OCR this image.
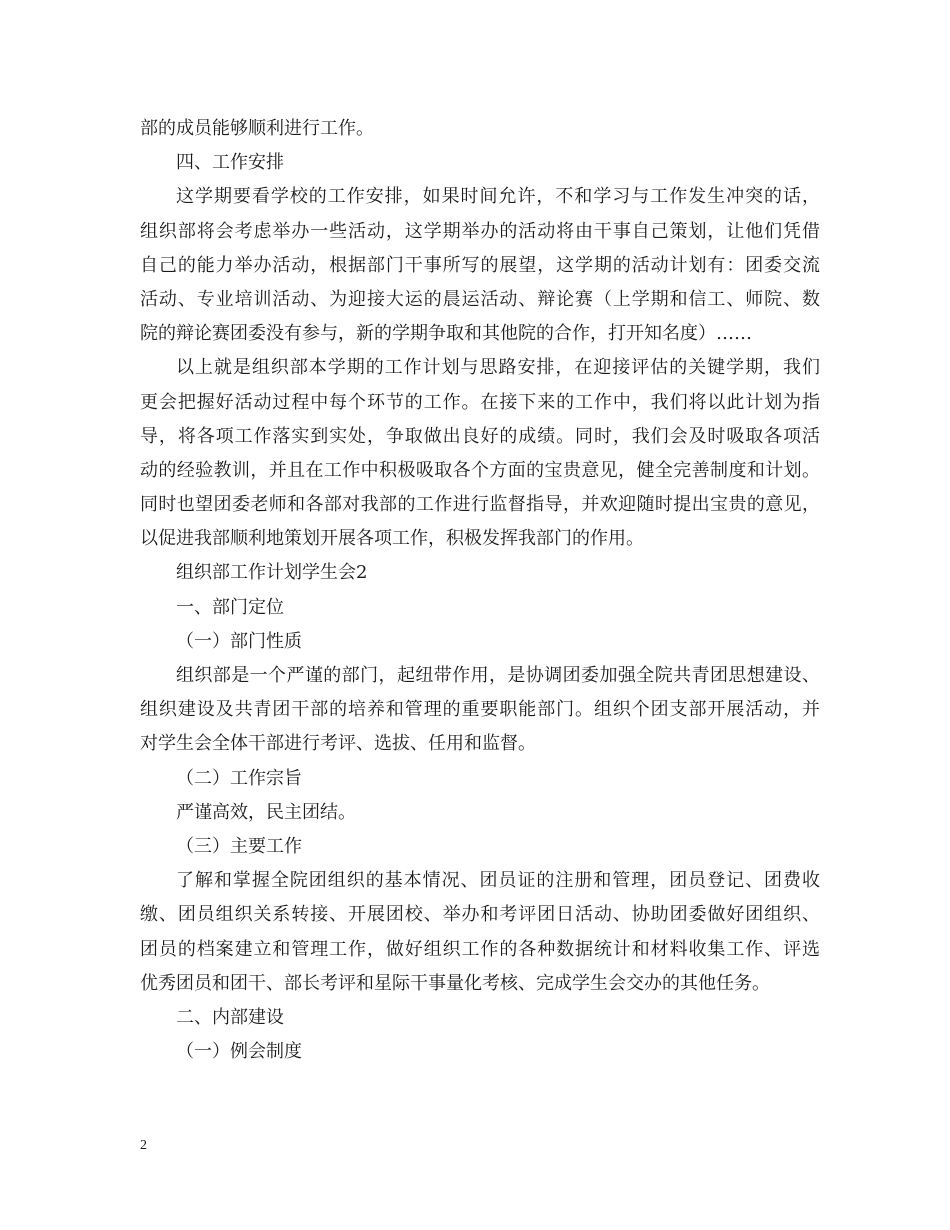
部的成员能够顺利进行工作。
四、工作安排
这学期要看学校的工作安排，如果时间允许，不和学习与工作发生冲突的话，
组织部将会考虑举办一些活动，这学期举办的活动将由干事自己策划，让他们凭借
自己的能力举办活动，根据部门干事所写的展望，这学期的活动计划有：团委交流
活动、专业培训活动、为迎接大运的晨运活动、辩论赛（上学期和信工、师院、数
院的辩论赛团委没有参与，新的学期争取和其他院的合作，打开知名度）……
以上就是组织部本学期的工作计划与思路安排，在迎接评估的关键学期，我们
更会把握好活动过程中每个环节的工作。在接下来的工作中，我们将以此计划为指
导，将各项工作落实到实处，争取做出良好的成绩。同时，我们会及时吸取各项活
动的经验教训，并且在工作中积极吸取各个方面的宝贵意见，健全完善制度和计划。
同时也望团委老师和各部对我部的工作进行监督指导，并欢迎随时提出宝贵的意见，
以促进我部顺利地策划开展各项工作，积极发挥我部门的作用。
组织部工作计划学生会2
一、部门定位
（一）部门性质
组织部是一个严谨的部门，起纽带作用，是协调团委加强全院共青团思想建设、
组织建设及共青团干部的培养和管理的重要职能部门。组织个团支部开展活动，并
对学生会全体干部进行考评、选拔、任用和监督。
（二）工作宗旨
严谨高效，民主团结。
（三）主要工作
了解和掌握全院团组织的基本情况、团员证的注册和管理，团员登记、团费收
缴、团员组织关系转接、开展团校、举办和考评团日活动、协助团委做好团组织、
团员的档案建立和管理工作，做好组织工作的各种数据统计和材料收集工作、评选
优秀团员和团干、部长考评和星际干事量化考核、完成学生会交办的其他任务。
二、内部建设
（一）例会制度
2
